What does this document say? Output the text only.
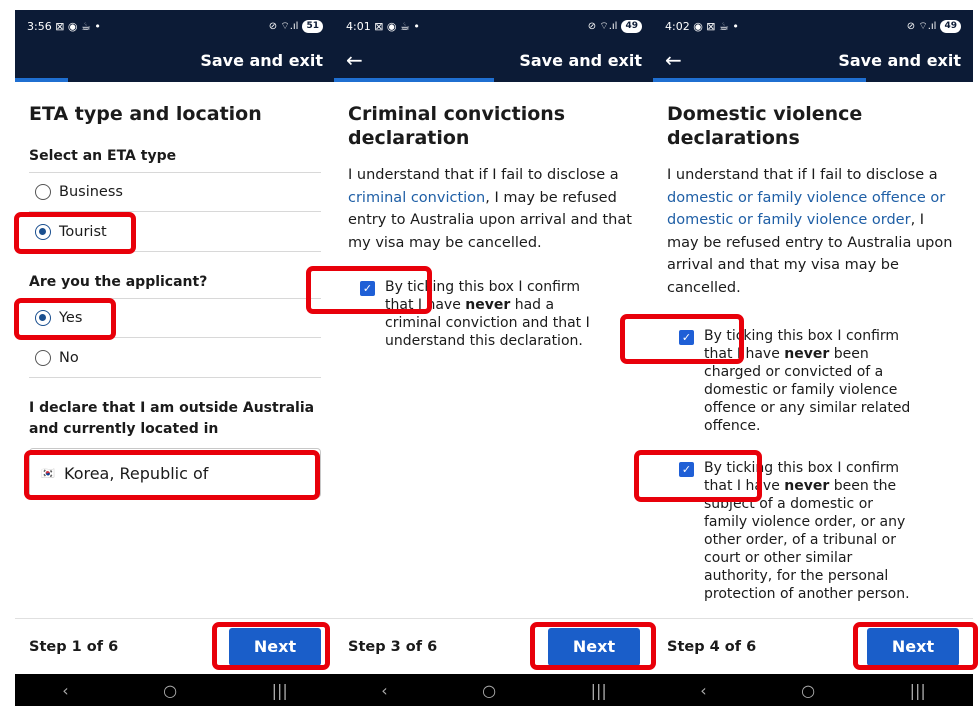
3:56 ⊠ ◉ ☕ •	⊘ ⌔.ıl 51
Save and exit
ETA type and location
Select an ETA type
Business
Tourist
Are you the applicant?
Yes
No
I declare that I am outside Australia and currently located in
🇰🇷 Korea, Republic of
Step 1 of 6	Next
‹	○	|||
4:01 ⊠ ◉ ☕ •	⊘ ⌔.ıl 49
←	Save and exit
Criminal convictions declaration

I understand that if I fail to disclose a criminal conviction, I may be refused entry to Australia upon arrival and that my visa may be cancelled.

✓ By ticking this box I confirm that I have never had a criminal conviction and that I understand this declaration.
Step 3 of 6	Next
‹	○	|||
4:02 ◉ ⊠ ☕ •	⊘ ⌔.ıl 49
←	Save and exit
Domestic violence declarations

I understand that if I fail to disclose a domestic or family violence offence or domestic or family violence order, I may be refused entry to Australia upon arrival and that my visa may be cancelled.

✓ By ticking this box I confirm that I have never been charged or convicted of a domestic or family violence offence or any similar related offence.
✓ By ticking this box I confirm that I have never been the subject of a domestic or family violence order, or any other order, of a tribunal or court or other similar authority, for the personal protection of another person.
Step 4 of 6	Next
‹	○	|||
